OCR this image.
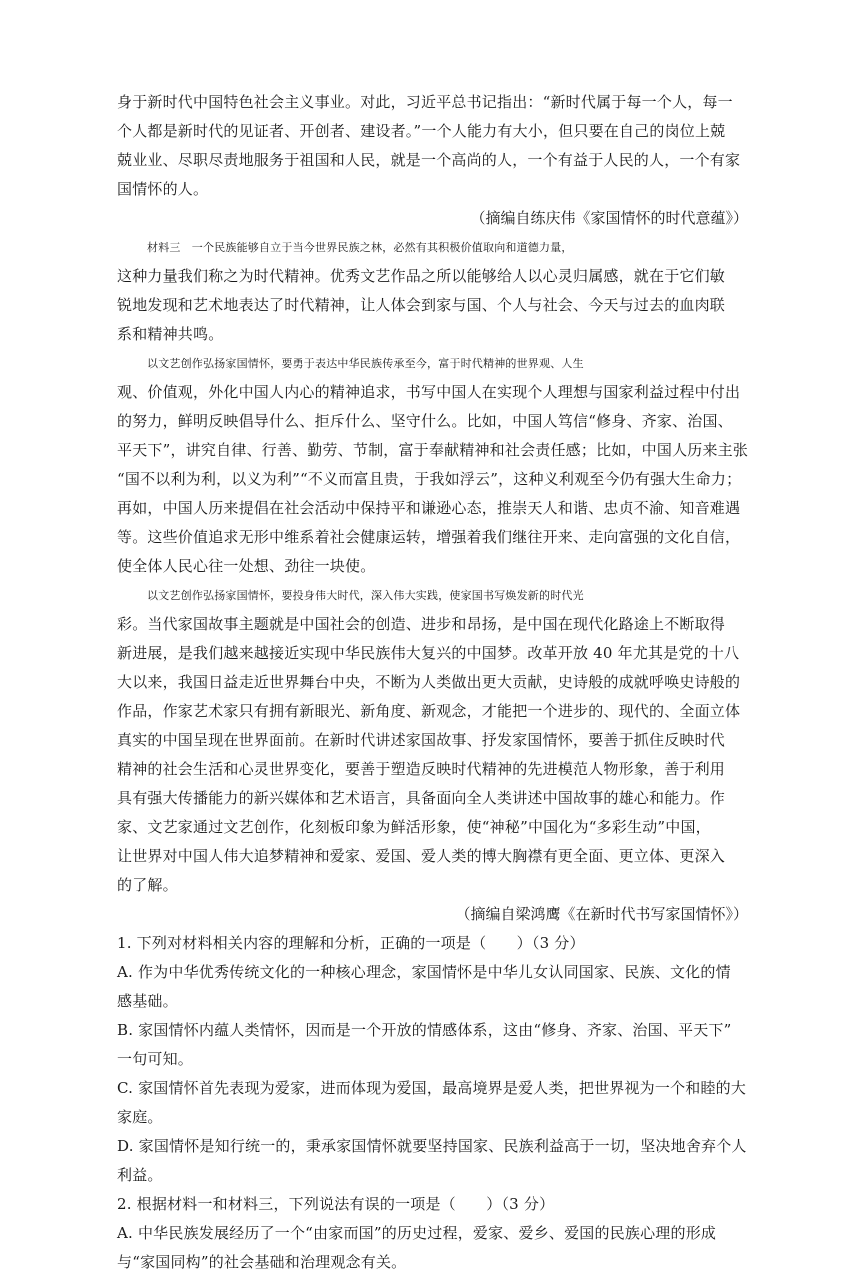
身于新时代中国特色社会主义事业。对此，习近平总书记指出：“新时代属于每一个人，每一
个人都是新时代的见证者、开创者、建设者。”一个人能力有大小，但只要在自己的岗位上兢
兢业业、尽职尽责地服务于祖国和人民，就是一个高尚的人，一个有益于人民的人，一个有家
国情怀的人。
（摘编自练庆伟《家国情怀的时代意蕴》）
材料三　一个民族能够自立于当今世界民族之林，必然有其积极价值取向和道德力量，
这种力量我们称之为时代精神。优秀文艺作品之所以能够给人以心灵归属感，就在于它们敏
锐地发现和艺术地表达了时代精神，让人体会到家与国、个人与社会、今天与过去的血肉联
系和精神共鸣。
以文艺创作弘扬家国情怀，要勇于表达中华民族传承至今，富于时代精神的世界观、人生
观、价值观，外化中国人内心的精神追求，书写中国人在实现个人理想与国家利益过程中付出
的努力，鲜明反映倡导什么、拒斥什么、坚守什么。比如，中国人笃信“修身、齐家、治国、
平天下”，讲究自律、行善、勤劳、节制，富于奉献精神和社会责任感；比如，中国人历来主张
“国不以利为利，以义为利”“不义而富且贵，于我如浮云”，这种义利观至今仍有强大生命力；
再如，中国人历来提倡在社会活动中保持平和谦逊心态，推崇天人和谐、忠贞不渝、知音难遇
等。这些价值追求无形中维系着社会健康运转，增强着我们继往开来、走向富强的文化自信，
使全体人民心往一处想、劲往一块使。
以文艺创作弘扬家国情怀，要投身伟大时代，深入伟大实践，使家国书写焕发新的时代光
彩。当代家国故事主题就是中国社会的创造、进步和昂扬，是中国在现代化路途上不断取得
新进展，是我们越来越接近实现中华民族伟大复兴的中国梦。改革开放 40 年尤其是党的十八
大以来，我国日益走近世界舞台中央，不断为人类做出更大贡献，史诗般的成就呼唤史诗般的
作品，作家艺术家只有拥有新眼光、新角度、新观念，才能把一个进步的、现代的、全面立体
真实的中国呈现在世界面前。在新时代讲述家国故事、抒发家国情怀，要善于抓住反映时代
精神的社会生活和心灵世界变化，要善于塑造反映时代精神的先进模范人物形象，善于利用
具有强大传播能力的新兴媒体和艺术语言，具备面向全人类讲述中国故事的雄心和能力。作
家、文艺家通过文艺创作，化刻板印象为鲜活形象，使“神秘”中国化为“多彩生动”中国，
让世界对中国人伟大追梦精神和爱家、爱国、爱人类的博大胸襟有更全面、更立体、更深入
的了解。
（摘编自梁鸿鹰《在新时代书写家国情怀》）
1. 下列对材料相关内容的理解和分析，正确的一项是（　　）（3 分）
A. 作为中华优秀传统文化的一种核心理念，家国情怀是中华儿女认同国家、民族、文化的情
感基础。
B. 家国情怀内蕴人类情怀，因而是一个开放的情感体系，这由“修身、齐家、治国、平天下”
一句可知。
C. 家国情怀首先表现为爱家，进而体现为爱国，最高境界是爱人类，把世界视为一个和睦的大
家庭。
D. 家国情怀是知行统一的，秉承家国情怀就要坚持国家、民族利益高于一切，坚决地舍弃个人
利益。
2. 根据材料一和材料三，下列说法有误的一项是（　　）（3 分）
A. 中华民族发展经历了一个“由家而国”的历史过程，爱家、爱乡、爱国的民族心理的形成
与“家国同构”的社会基础和治理观念有关。
